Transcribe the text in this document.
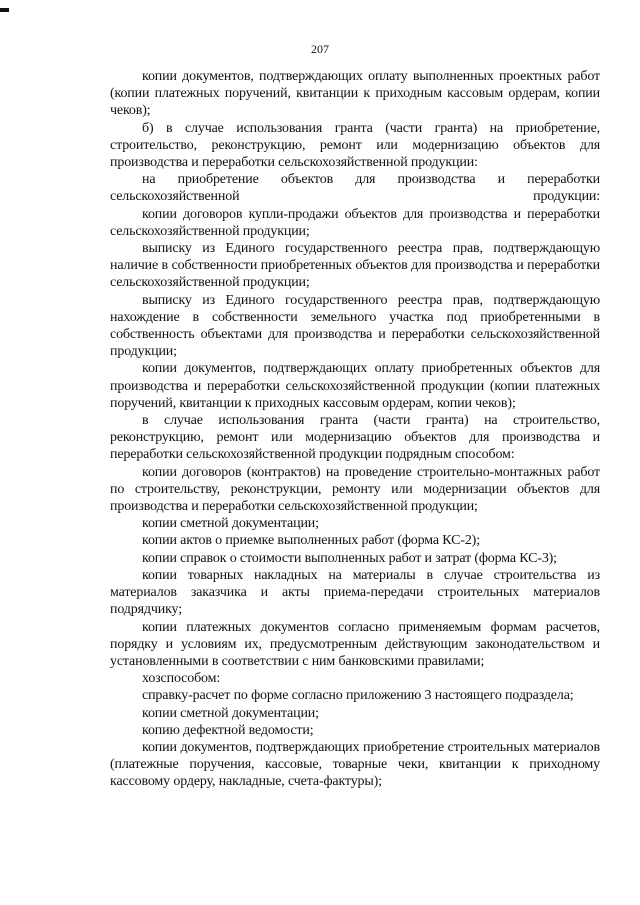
207

копии документов, подтверждающих оплату выполненных проектных работ (копии платежных поручений, квитанции к приходным кассовым ордерам, копии чеков);

б) в случае использования гранта (части гранта) на приобретение, строительство, реконструкцию, ремонт или модернизацию объектов для производства и переработки сельскохозяйственной продукции:

на приобретение объектов для производства и переработки сельскохозяйственной продукции:

копии договоров купли-продажи объектов для производства и переработки сельскохозяйственной продукции;

выписку из Единого государственного реестра прав, подтверждающую наличие в собственности приобретенных объектов для производства и переработки сельскохозяйственной продукции;

выписку из Единого государственного реестра прав, подтверждающую нахождение в собственности земельного участка под приобретенными в собственность объектами для производства и переработки сельскохозяйственной продукции;

копии документов, подтверждающих оплату приобретенных объектов для производства и переработки сельскохозяйственной продукции (копии платежных поручений, квитанции к приходных кассовым ордерам, копии чеков);

в случае использования гранта (части гранта) на строительство, реконструкцию, ремонт или модернизацию объектов для производства и переработки сельскохозяйственной продукции подрядным способом:

копии договоров (контрактов) на проведение строительно-монтажных работ по строительству, реконструкции, ремонту или модернизации объектов для производства и переработки сельскохозяйственной продукции;

копии сметной документации;

копии актов о приемке выполненных работ (форма КС-2);

копии справок о стоимости выполненных работ и затрат (форма КС-3);

копии товарных накладных на материалы в случае строительства из материалов заказчика и акты приема-передачи строительных материалов подрядчику;

копии платежных документов согласно применяемым формам расчетов, порядку и условиям их, предусмотренным действующим законодательством и установленными в соответствии с ним банковскими правилами;

хозспособом:

справку-расчет по форме согласно приложению 3 настоящего подраздела;

копии сметной документации;

копию дефектной ведомости;

копии документов, подтверждающих приобретение строительных материалов (платежные поручения, кассовые, товарные чеки, квитанции к приходному кассовому ордеру, накладные, счета-фактуры);
